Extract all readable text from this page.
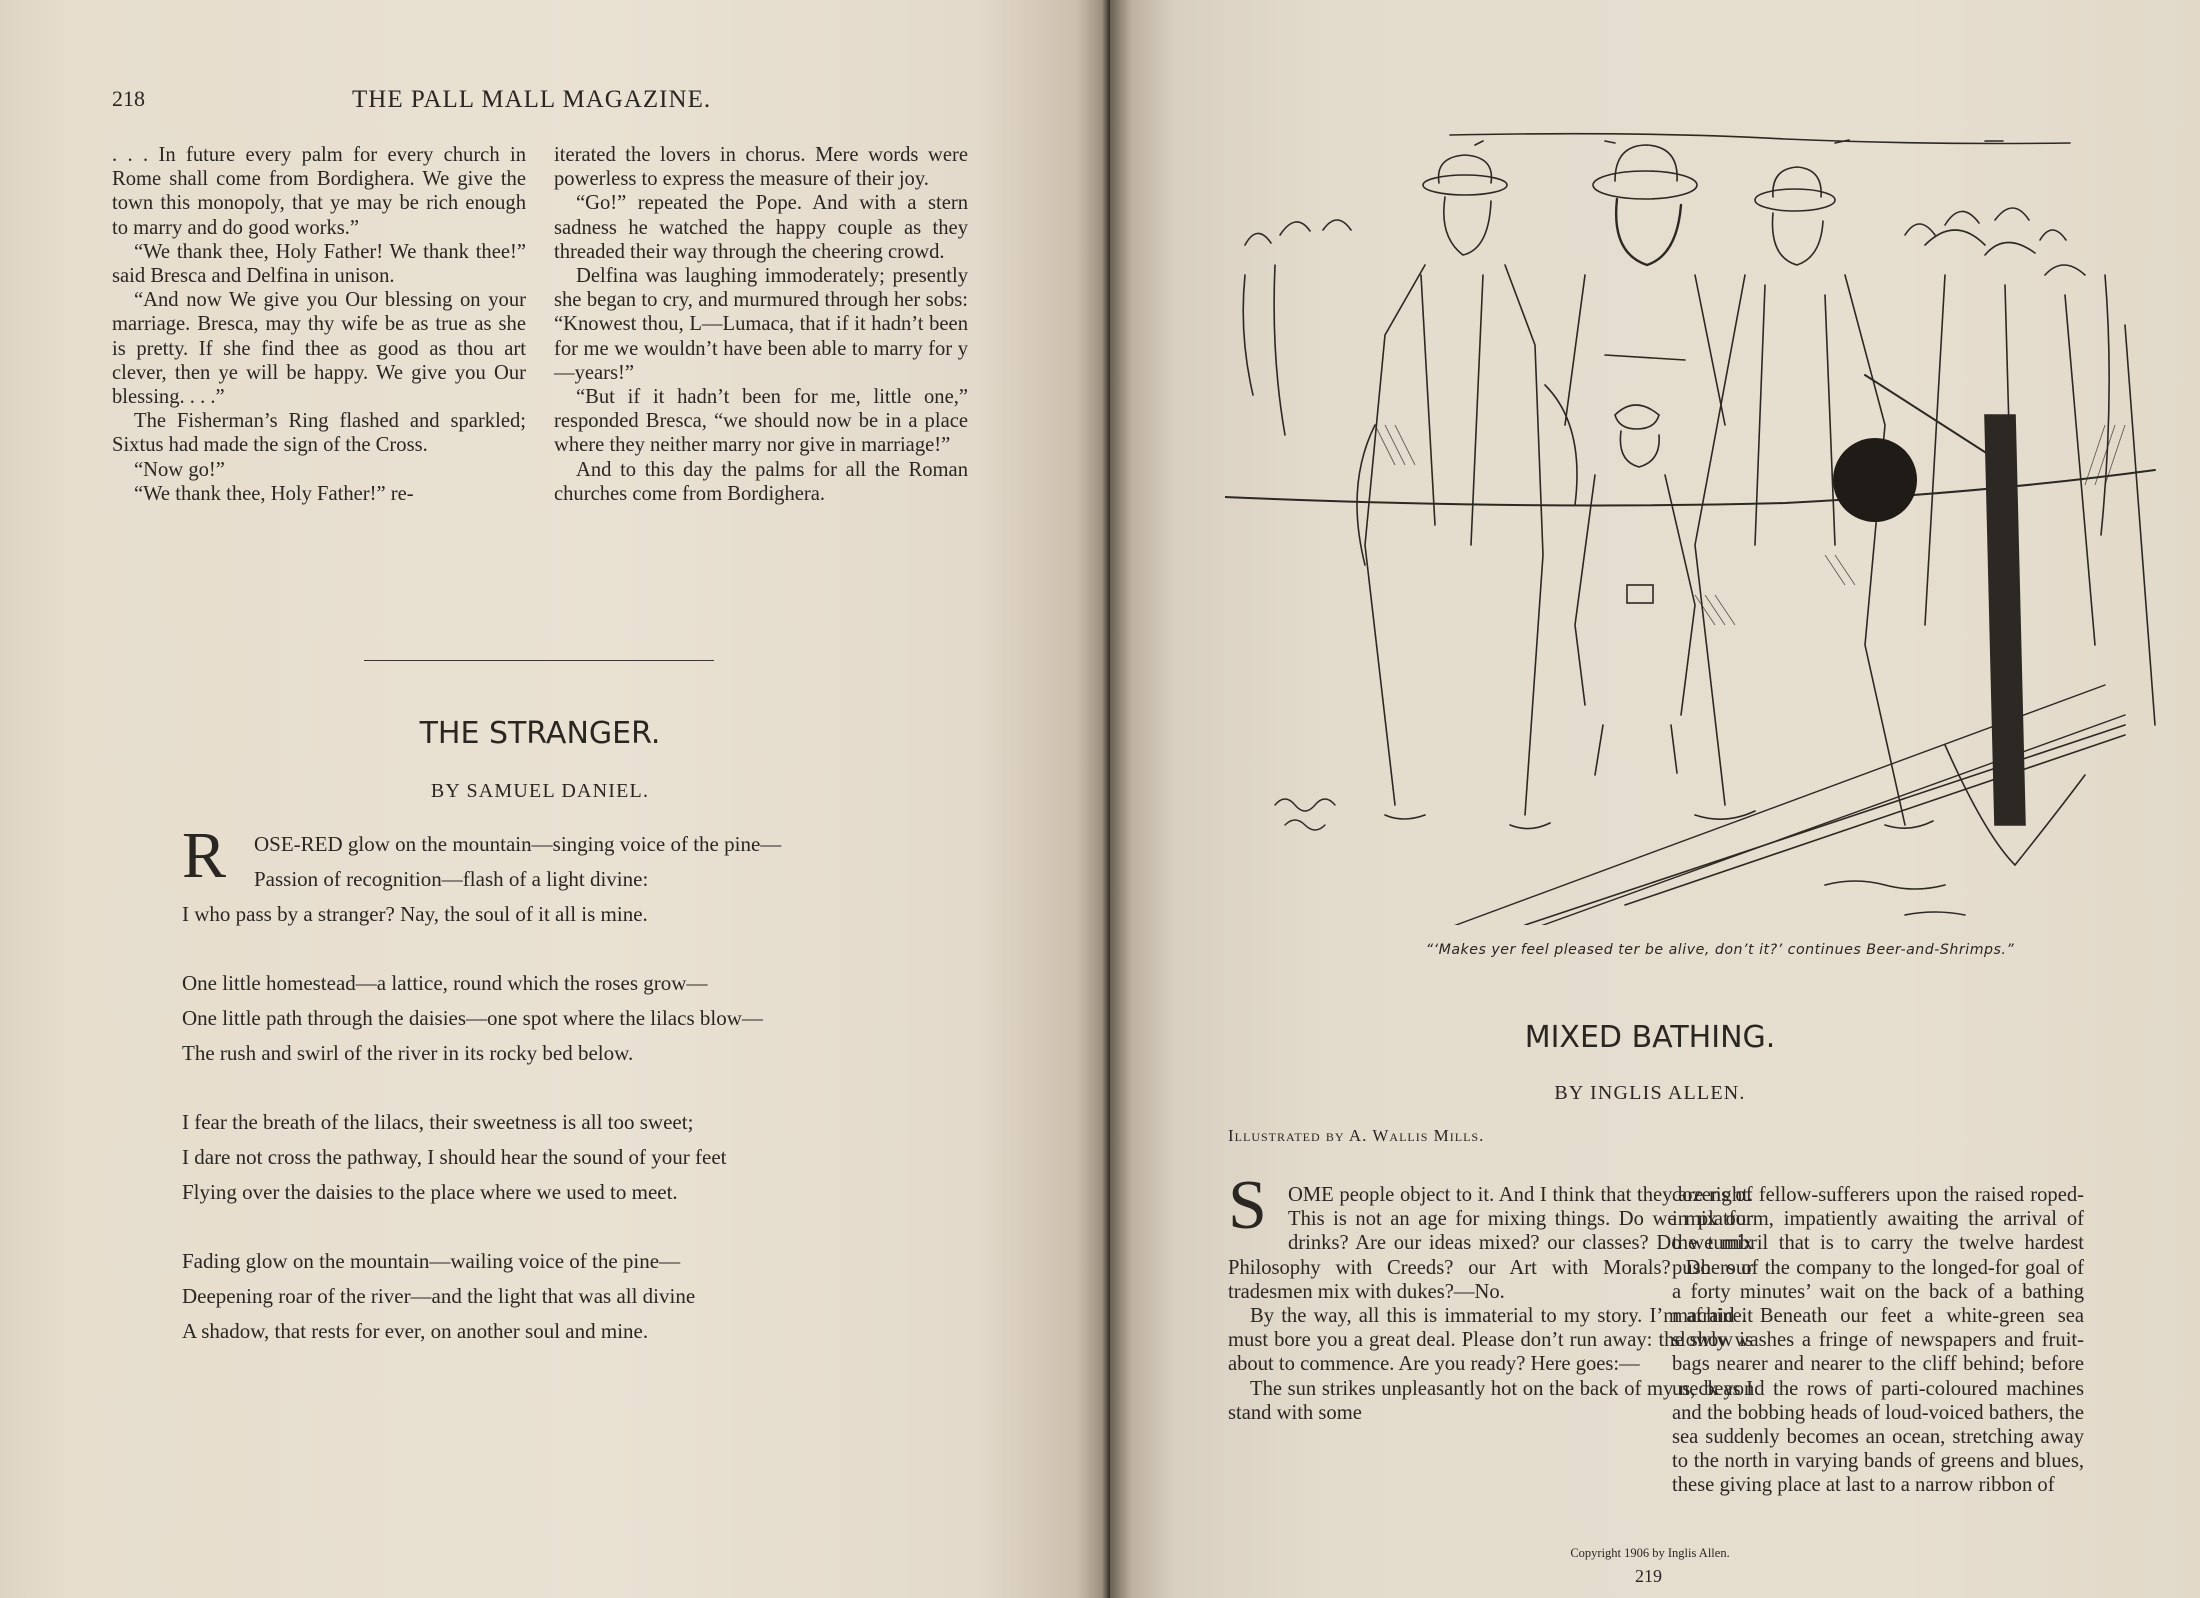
218	THE PALL MALL MAGAZINE.

. . . In future every palm for every church in Rome shall come from Bordighera. We give the town this monopoly, that ye may be rich enough to marry and do good works.”

“We thank thee, Holy Father! We thank thee!” said Bresca and Delfina in unison.

“And now We give you Our blessing on your marriage. Bresca, may thy wife be as true as she is pretty. If she find thee as good as thou art clever, then ye will be happy. We give you Our blessing. . . .”

The Fisherman’s Ring flashed and sparkled; Sixtus had made the sign of the Cross.

“Now go!”

“We thank thee, Holy Father!” re-

iterated the lovers in chorus. Mere words were powerless to express the measure of their joy.

“Go!” repeated the Pope. And with a stern sadness he watched the happy couple as they threaded their way through the cheering crowd.

Delfina was laughing immoderately; presently she began to cry, and murmured through her sobs: “Knowest thou, L—Lumaca, that if it hadn’t been for me we wouldn’t have been able to marry for y—years!”

“But if it hadn’t been for me, little one,” responded Bresca, “we should now be in a place where they neither marry nor give in marriage!”

And to this day the palms for all the Roman churches come from Bordighera.

THE STRANGER.
BY SAMUEL DANIEL.
R OSE-RED glow on the mountain—singing voice of the pine—
Passion of recognition—flash of a light divine:
I who pass by a stranger? Nay, the soul of it all is mine.
One little homestead—a lattice, round which the roses grow—
One little path through the daisies—one spot where the lilacs blow—
The rush and swirl of the river in its rocky bed below.
I fear the breath of the lilacs, their sweetness is all too sweet;
I dare not cross the pathway, I should hear the sound of your feet
Flying over the daisies to the place where we used to meet.
Fading glow on the mountain—wailing voice of the pine—
Deepening roar of the river—and the light that was all divine
A shadow, that rests for ever, on another soul and mine.
“‘Makes yer feel pleased ter be alive, don’t it?’ continues Beer-and-Shrimps.”
MIXED BATHING.
BY INGLIS ALLEN.
Illustrated by A. Wallis Mills.
S	OME people object to it. And I think that they are right. This is not an age for mixing things. Do we mix our drinks? Are our ideas mixed? our classes? Do we mix Philosophy with Creeds? our Art with Morals? Do our tradesmen mix with dukes?—No.

By the way, all this is immaterial to my story. I’m afraid it must bore you a great deal. Please don’t run away: the show is about to commence. Are you ready? Here goes:—

The sun strikes unpleasantly hot on the back of my neck as I stand with some

dozens of fellow-sufferers upon the raised roped-in platform, impatiently awaiting the arrival of the tumbril that is to carry the twelve hardest pushers of the company to the longed-for goal of a forty minutes’ wait on the back of a bathing machine. Beneath our feet a white-green sea slowly washes a fringe of newspapers and fruit-bags nearer and nearer to the cliff behind; before us, beyond the rows of parti-coloured machines and the bobbing heads of loud-voiced bathers, the sea suddenly becomes an ocean, stretching away to the north in varying bands of greens and blues, these giving place at last to a narrow ribbon of

Copyright 1906 by Inglis Allen.
219
